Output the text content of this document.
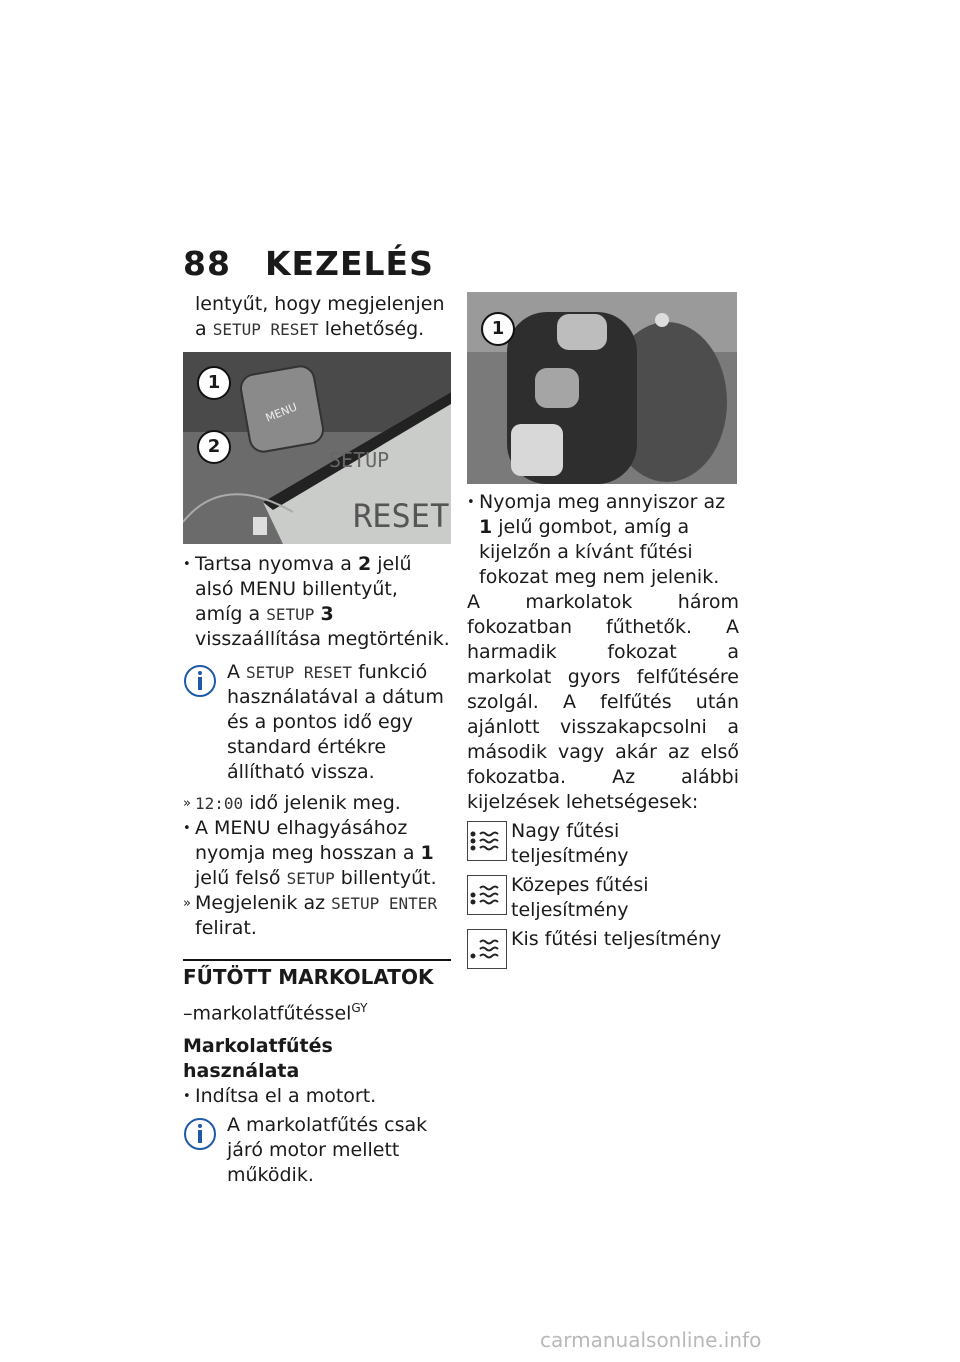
88 KEZELÉS

lentyűt, hogy megjelenjen a SETUP RESET lehetőség.

1
2
MENU
SETUP
RESET
•
Tartsa nyomva a 2 jelű alsó MENU billentyűt, amíg a SETUP 3 visszaállítása megtörténik.
A SETUP RESET funkció használatával a dátum és a pontos idő egy standard értékre állítható vissza.
»
12:00 idő jelenik meg.
•
A MENU elhagyásához nyomja meg hosszan a 1 jelű felső SETUP billentyűt.
»
Megjelenik az SETUP ENTER felirat.
FŰTÖTT MARKOLATOK

–markolatfűtéssel$^{GY}$

Markolatfűtés használata

•
Indítsa el a motort.
A markolatfűtés csak járó motor mellett működik.
1
•
Nyomja meg annyiszor az 1 jelű gombot, amíg a kijelzőn a kívánt fűtési fokozat meg nem jelenik.

A markolatok három fokozatban fűthetők. A harmadik fokozat a markolat gyors felfűtésére szolgál. A felfűtés után ajánlott visszakapcsolni a második vagy akár az első fokozatba. Az alábbi kijelzések lehetségesek:

Nagy fűtési teljesítmény
Közepes fűtési teljesítmény
Kis fűtési teljesítmény
carmanualsonline.info
